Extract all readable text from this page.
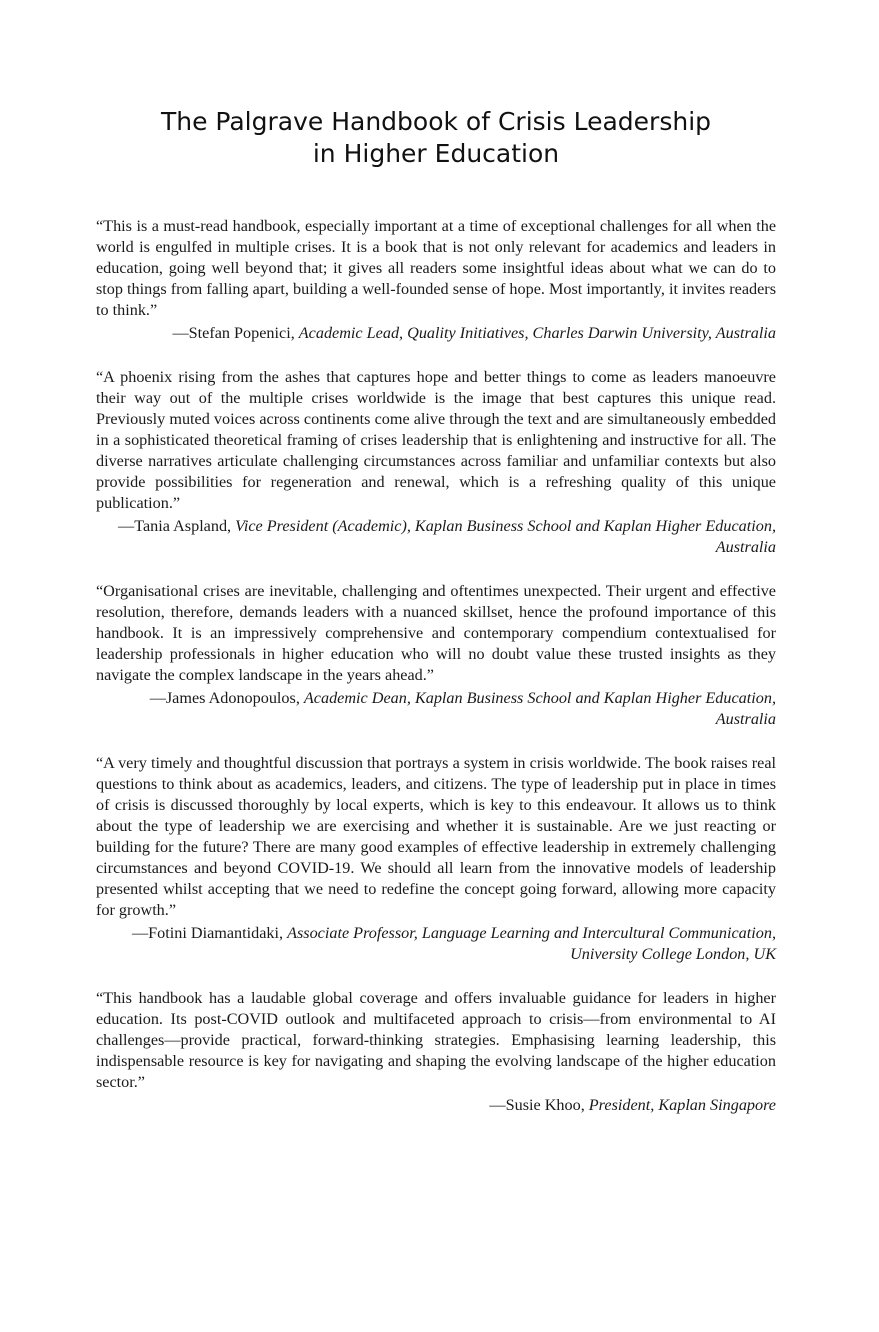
The Palgrave Handbook of Crisis Leadership
in Higher Education

“This is a must-read handbook, especially important at a time of exceptional challenges for all when the world is engulfed in multiple crises. It is a book that is not only relevant for academics and leaders in education, going well beyond that; it gives all readers some insightful ideas about what we can do to stop things from falling apart, building a well-founded sense of hope. Most importantly, it invites readers to think.”

—Stefan Popenici, Academic Lead, Quality Initiatives, Charles Darwin University, Australia

“A phoenix rising from the ashes that captures hope and better things to come as leaders manoeuvre their way out of the multiple crises worldwide is the image that best captures this unique read. Previously muted voices across continents come alive through the text and are simultaneously embedded in a sophisticated theoretical framing of crises leadership that is enlightening and instructive for all. The diverse narratives articulate challenging circumstances across familiar and unfamiliar contexts but also provide possibilities for regeneration and renewal, which is a refreshing quality of this unique publication.”

—Tania Aspland, Vice President (Academic), Kaplan Business School and Kaplan Higher Education, Australia

“Organisational crises are inevitable, challenging and oftentimes unexpected. Their urgent and effective resolution, therefore, demands leaders with a nuanced skillset, hence the profound importance of this handbook. It is an impressively comprehensive and contemporary compendium contextualised for leadership professionals in higher education who will no doubt value these trusted insights as they navigate the complex landscape in the years ahead.”

—James Adonopoulos, Academic Dean, Kaplan Business School and Kaplan Higher Education, Australia

“A very timely and thoughtful discussion that portrays a system in crisis worldwide. The book raises real questions to think about as academics, leaders, and citizens. The type of leadership put in place in times of crisis is discussed thoroughly by local experts, which is key to this endeavour. It allows us to think about the type of leadership we are exercising and whether it is sustainable. Are we just reacting or building for the future? There are many good examples of effective leadership in extremely challenging circumstances and beyond COVID-19. We should all learn from the innovative models of leadership presented whilst accepting that we need to redefine the concept going forward, allowing more capacity for growth.”

—Fotini Diamantidaki, Associate Professor, Language Learning and Intercultural Communication, University College London, UK

“This handbook has a laudable global coverage and offers invaluable guidance for leaders in higher education. Its post-COVID outlook and multifaceted approach to crisis—from environmental to AI challenges—provide practical, forward-thinking strategies. Emphasising learning leadership, this indispensable resource is key for navigating and shaping the evolving landscape of the higher education sector.”

—Susie Khoo, President, Kaplan Singapore
